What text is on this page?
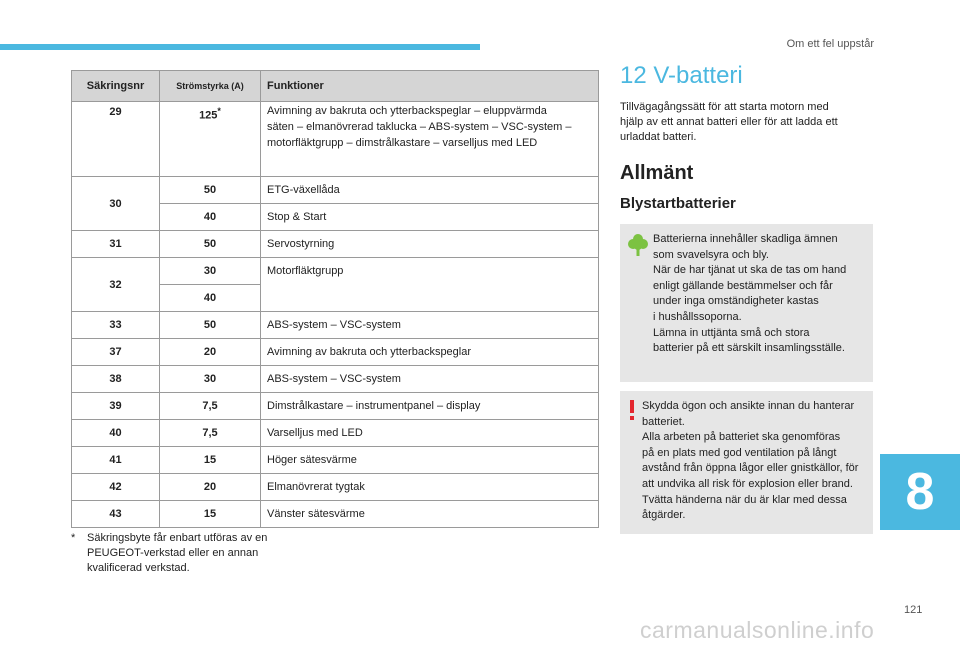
Om ett fel uppstår
Säkringsnr	Strömstyrka (A)	Funktioner
29	125*	Avimning av bakruta och ytterbackspeglar – eluppvärmda
säten – elmanövrerad taklucka – ABS-system – VSC-system –
motorfläktgrupp – dimstrålkastare – varselljus med LED

30	50	ETG-växellåda
	40	Stop & Start
31	50	Servostyrning
32	30	Motorfläktgrupp
	40	
33	50	ABS-system – VSC-system
37	20	Avimning av bakruta och ytterbackspeglar
38	30	ABS-system – VSC-system
39	7,5	Dimstrålkastare – instrumentpanel – display
40	7,5	Varselljus med LED
41	15	Höger sätesvärme
42	20	Elmanövrerat tygtak
43	15	Vänster sätesvärme
* Säkringsbyte får enbart utföras av en
PEUGEOT-verkstad eller en annan
kvalificerad verkstad.
12 V-batteri
Tillvägagångssätt för att starta motorn med
hjälp av ett annat batteri eller för att ladda ett
urladdat batteri.
Allmänt
Blystartbatterier
Batterierna innehåller skadliga ämnen
som svavelsyra och bly.
När de har tjänat ut ska de tas om hand
enligt gällande bestämmelser och får
under inga omständigheter kastas
i hushållssoporna.
Lämna in uttjänta små och stora
batterier på ett särskilt insamlingsställe.
Skydda ögon och ansikte innan du hanterar
batteriet.
Alla arbeten på batteriet ska genomföras
på en plats med god ventilation på långt
avstånd från öppna lågor eller gnistkällor, för
att undvika all risk för explosion eller brand.
Tvätta händerna när du är klar med dessa
åtgärder.	8
121
carmanualsonline.info
